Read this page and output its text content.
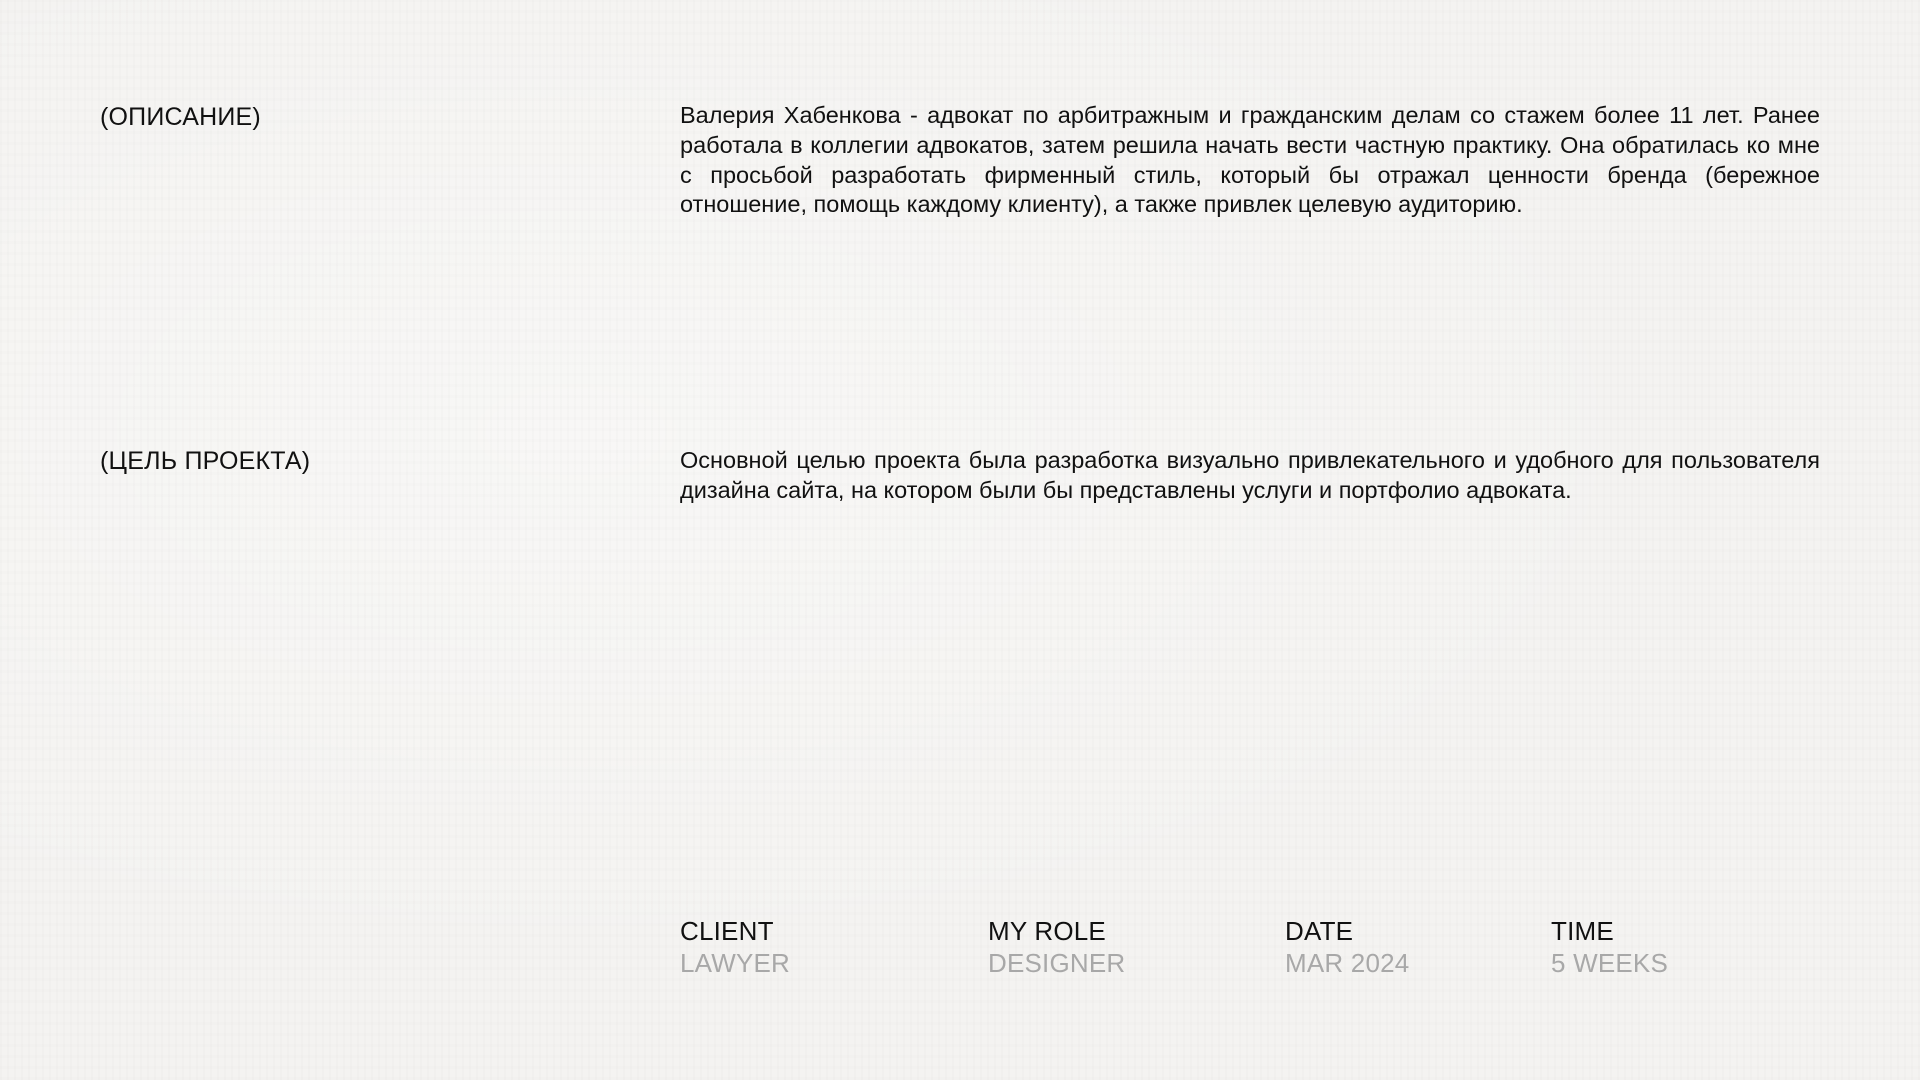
(ОПИСАНИЕ)	Валерия Хабенкова - адвокат по арбитражным и гражданским делам со стажем более 11 лет. Ранее работала в коллегии адвокатов, затем решила начать вести частную практику. Она обратилась ко мне с просьбой разработать фирменный стиль, который бы отражал ценности бренда (бережное отношение, помощь каждому клиенту), а также привлек целевую аудиторию.

(ЦЕЛЬ ПРОЕКТА)	Основной целью проекта была разработка визуально привлекательного и удобного для пользователя дизайна сайта, на котором были бы представлены услуги и портфолио адвоката.

CLIENT
LAWYER
MY ROLE
DESIGNER
DATE
MAR 2024
TIME
5 WEEKS
